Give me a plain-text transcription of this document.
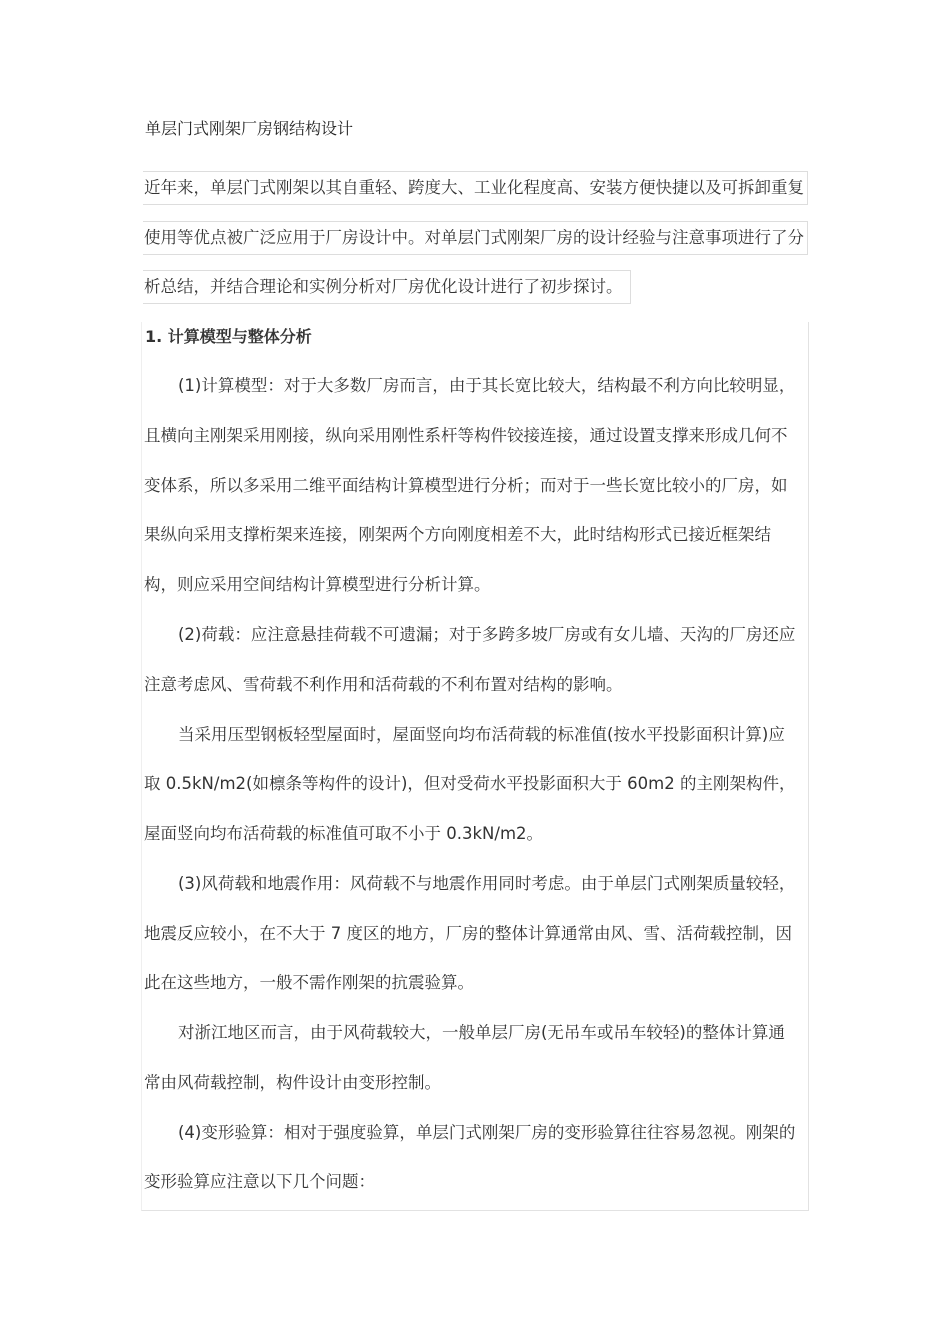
单层门式刚架厂房钢结构设计
近年来，单层门式刚架以其自重轻、跨度大、工业化程度高、安装方便快捷以及可拆卸重复
使用等优点被广泛应用于厂房设计中。对单层门式刚架厂房的设计经验与注意事项进行了分
析总结，并结合理论和实例分析对厂房优化设计进行了初步探讨。
1. 计算模型与整体分析
(1)计算模型：对于大多数厂房而言，由于其长宽比较大，结构最不利方向比较明显，
且横向主刚架采用刚接，纵向采用刚性系杆等构件铰接连接，通过设置支撑来形成几何不
变体系，所以多采用二维平面结构计算模型进行分析；而对于一些长宽比较小的厂房，如
果纵向采用支撑桁架来连接，刚架两个方向刚度相差不大，此时结构形式已接近框架结
构，则应采用空间结构计算模型进行分析计算。
(2)荷载：应注意悬挂荷载不可遗漏；对于多跨多坡厂房或有女儿墙、天沟的厂房还应
注意考虑风、雪荷载不利作用和活荷载的不利布置对结构的影响。
当采用压型钢板轻型屋面时，屋面竖向均布活荷载的标准值(按水平投影面积计算)应
取 0.5kN/m2(如檩条等构件的设计)，但对受荷水平投影面积大于 60m2 的主刚架构件，
屋面竖向均布活荷载的标准值可取不小于 0.3kN/m2。
(3)风荷载和地震作用：风荷载不与地震作用同时考虑。由于单层门式刚架质量较轻，
地震反应较小，在不大于 7 度区的地方，厂房的整体计算通常由风、雪、活荷载控制，因
此在这些地方，一般不需作刚架的抗震验算。
对浙江地区而言，由于风荷载较大，一般单层厂房(无吊车或吊车较轻)的整体计算通
常由风荷载控制，构件设计由变形控制。
(4)变形验算：相对于强度验算，单层门式刚架厂房的变形验算往往容易忽视。刚架的
变形验算应注意以下几个问题：
